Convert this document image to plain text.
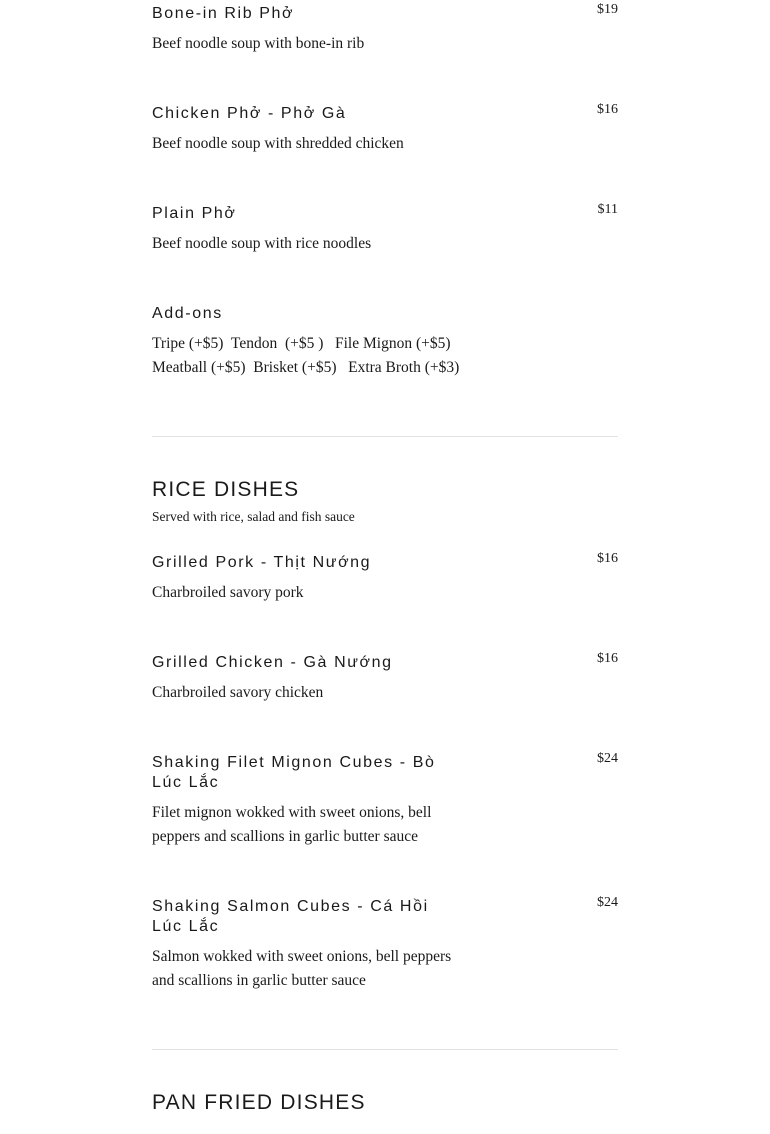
Bone-in Rib Phở	$19
Beef noodle soup with bone-in rib
Chicken Phở - Phở Gà	$16
Beef noodle soup with shredded chicken
Plain Phở	$11
Beef noodle soup with rice noodles
Add-ons
Tripe (+$5)  Tendon  (+$5 )   File Mignon (+$5)
Meatball (+$5)  Brisket (+$5)   Extra Broth (+$3)
RICE DISHES
Served with rice, salad and fish sauce
Grilled Pork - Thịt Nướng	$16
Charbroiled savory pork
Grilled Chicken - Gà Nướng	$16
Charbroiled savory chicken
Shaking Filet Mignon Cubes - Bò Lúc Lắc
$24
Filet mignon wokked with sweet onions, bell peppers and scallions in garlic butter sauce
Shaking Salmon Cubes - Cá Hồi Lúc Lắc
$24
Salmon wokked with sweet onions, bell peppers and scallions in garlic butter sauce
PAN FRIED DISHES
